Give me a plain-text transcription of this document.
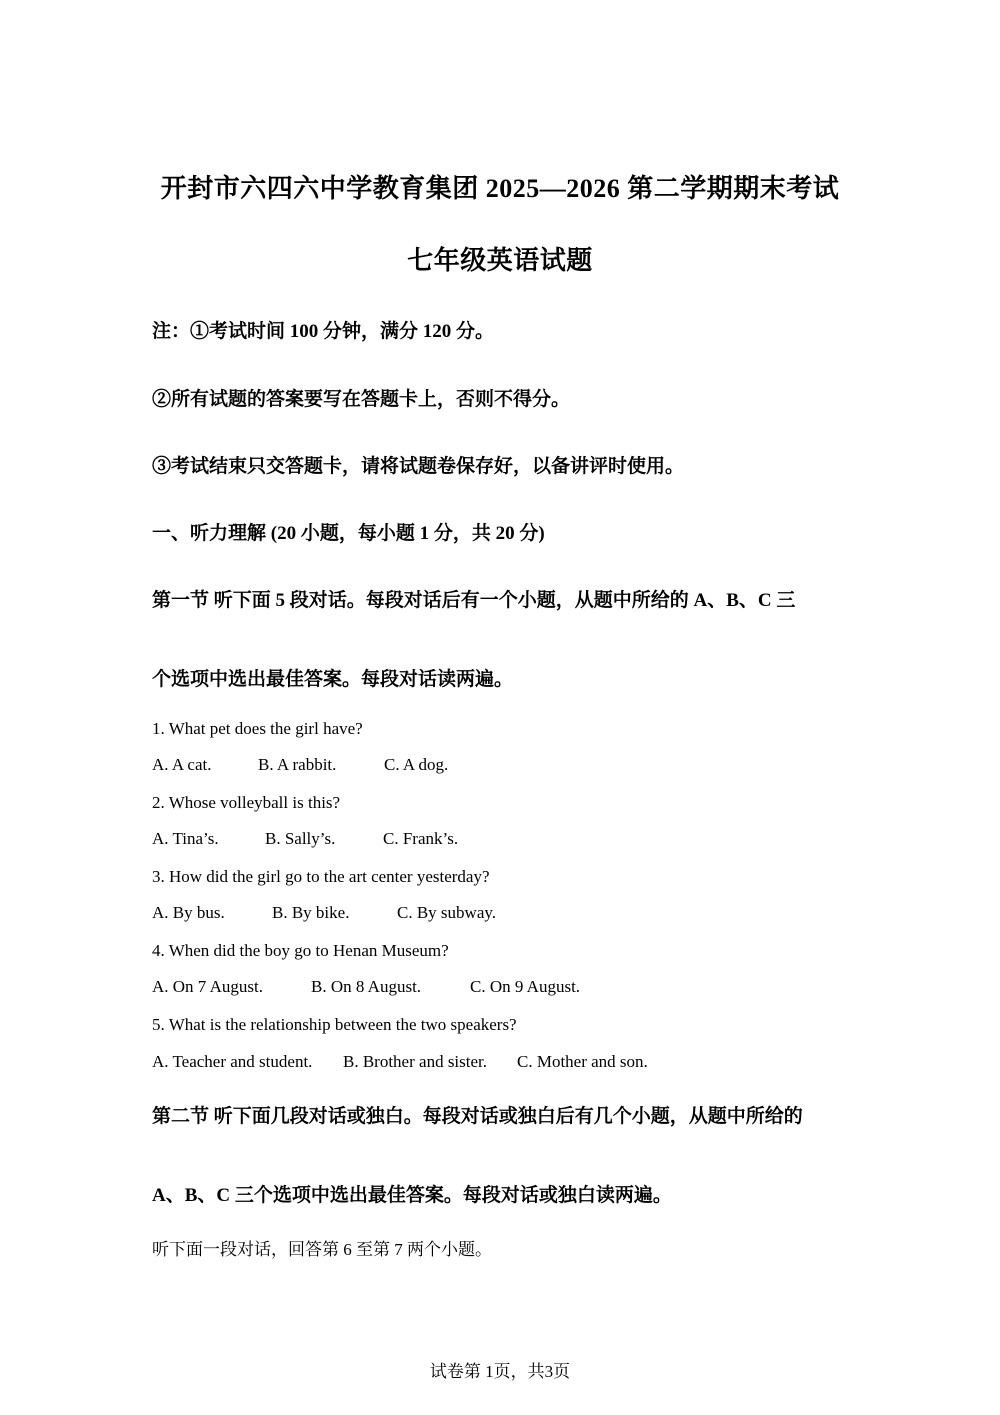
开封市六四六中学教育集团 2025—2026 第二学期期末考试
七年级英语试题
注：①考试时间 100 分钟，满分 120 分。
②所有试题的答案要写在答题卡上，否则不得分。
③考试结束只交答题卡，请将试题卷保存好，以备讲评时使用。
一、听力理解 (20 小题，每小题 1 分，共 20 分)
第一节 听下面 5 段对话。每段对话后有一个小题，从题中所给的 A、B、C 三
个选项中选出最佳答案。每段对话读两遍。
1. What pet does the girl have?
A. A cat.	B. A rabbit.	C. A dog.
2. Whose volleyball is this?
A. Tina’s.	B. Sally’s.	C. Frank’s.
3. How did the girl go to the art center yesterday?
A. By bus.	B. By bike.	C. By subway.
4. When did the boy go to Henan Museum?
A. On 7 August.	B. On 8 August.	C. On 9 August.
5. What is the relationship between the two speakers?
A. Teacher and student. B. Brother and sister. C. Mother and son.
第二节 听下面几段对话或独白。每段对话或独白后有几个小题，从题中所给的
A、B、C 三个选项中选出最佳答案。每段对话或独白读两遍。
听下面一段对话，回答第 6 至第 7 两个小题。
试卷第 1页，共3页
